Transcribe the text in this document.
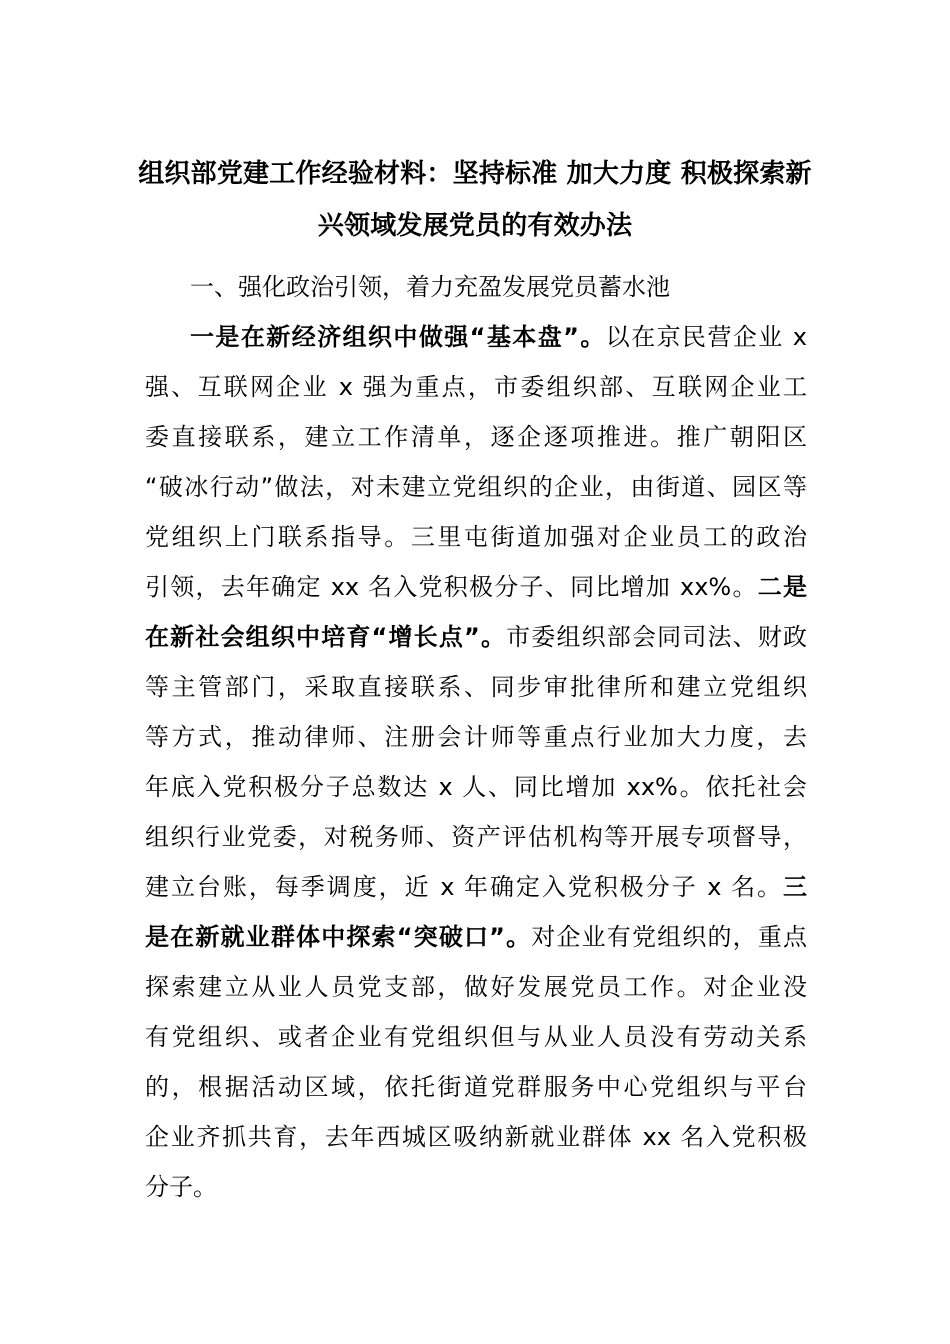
组织部党建工作经验材料：坚持标准 加大力度 积极探索新
兴领域发展党员的有效办法

一、强化政治引领，着力充盈发展党员蓄水池

一是在新经济组织中做强“基本盘”。以在京民营企业 x
强、互联网企业 x 强为重点，市委组织部、互联网企业工
委直接联系，建立工作清单，逐企逐项推进。推广朝阳区
“破冰行动”做法，对未建立党组织的企业，由街道、园区等
党组织上门联系指导。三里屯街道加强对企业员工的政治
引领，去年确定 xx 名入党积极分子、同比增加 xx%。二是
在新社会组织中培育“增长点”。市委组织部会同司法、财政
等主管部门，采取直接联系、同步审批律所和建立党组织
等方式，推动律师、注册会计师等重点行业加大力度，去
年底入党积极分子总数达 x 人、同比增加 xx%。依托社会
组织行业党委，对税务师、资产评估机构等开展专项督导，
建立台账，每季调度，近 x 年确定入党积极分子 x 名。三
是在新就业群体中探索“突破口”。对企业有党组织的，重点
探索建立从业人员党支部，做好发展党员工作。对企业没
有党组织、或者企业有党组织但与从业人员没有劳动关系
的，根据活动区域，依托街道党群服务中心党组织与平台
企业齐抓共育，去年西城区吸纳新就业群体 xx 名入党积极
分子。
